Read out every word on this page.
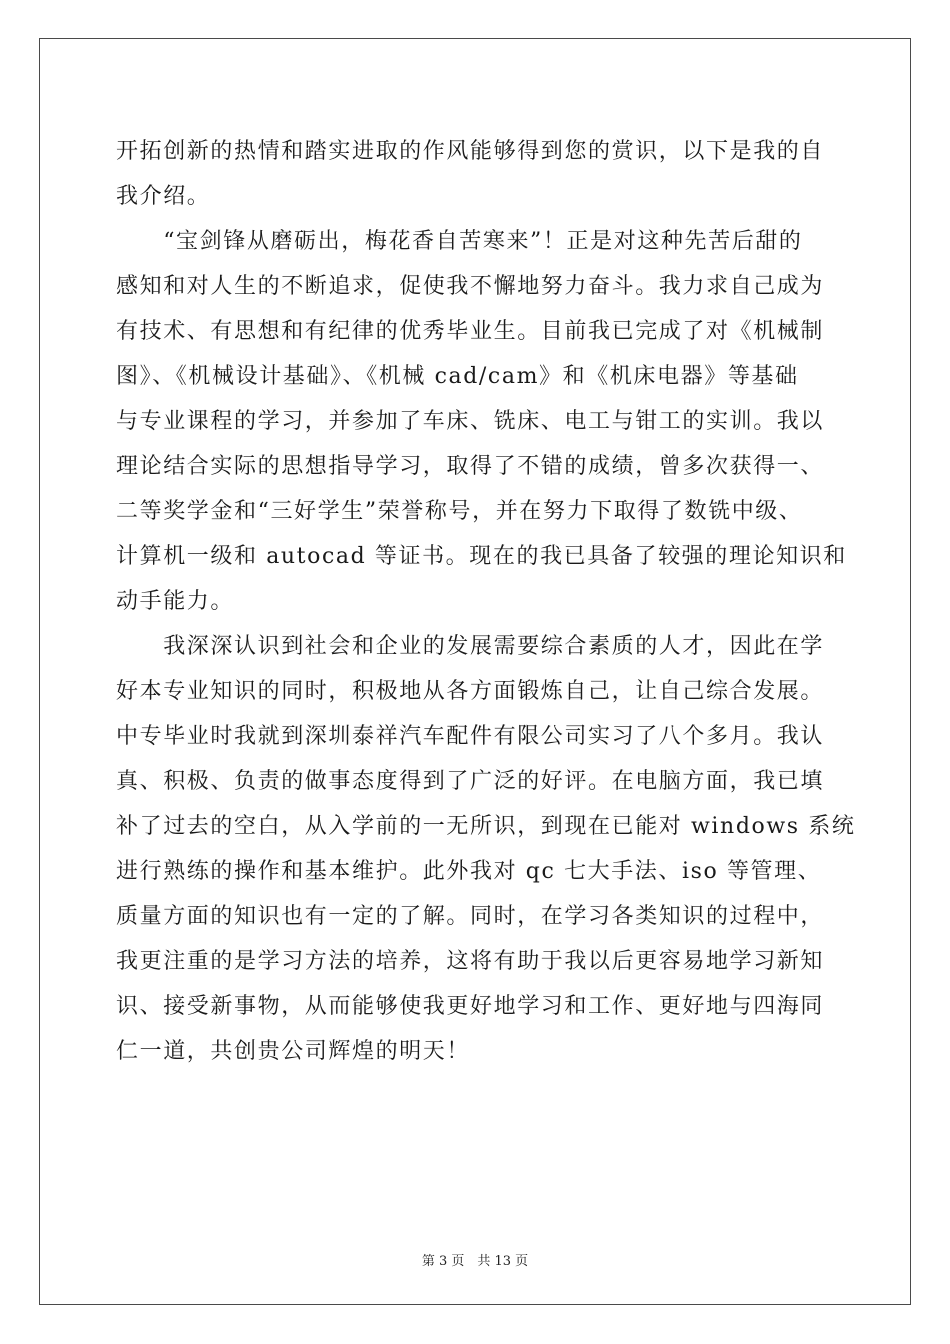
开拓创新的热情和踏实进取的作风能够得到您的赏识，以下是我的自
我介绍。
　　“宝剑锋从磨砺出，梅花香自苦寒来”！正是对这种先苦后甜的
感知和对人生的不断追求，促使我不懈地努力奋斗。我力求自己成为
有技术、有思想和有纪律的优秀毕业生。目前我已完成了对《机械制
图》、《机械设计基础》、《机械 cad/cam》和《机床电器》等基础
与专业课程的学习，并参加了车床、铣床、电工与钳工的实训。我以
理论结合实际的思想指导学习，取得了不错的成绩，曾多次获得一、
二等奖学金和“三好学生”荣誉称号，并在努力下取得了数铣中级、
计算机一级和 autocad 等证书。现在的我已具备了较强的理论知识和
动手能力。
　　我深深认识到社会和企业的发展需要综合素质的人才，因此在学
好本专业知识的同时，积极地从各方面锻炼自己，让自己综合发展。
中专毕业时我就到深圳泰祥汽车配件有限公司实习了八个多月。我认
真、积极、负责的做事态度得到了广泛的好评。在电脑方面，我已填
补了过去的空白，从入学前的一无所识，到现在已能对 windows 系统
进行熟练的操作和基本维护。此外我对 qc 七大手法、iso 等管理、
质量方面的知识也有一定的了解。同时，在学习各类知识的过程中，
我更注重的是学习方法的培养，这将有助于我以后更容易地学习新知
识、接受新事物，从而能够使我更好地学习和工作、更好地与四海同
仁一道，共创贵公司辉煌的明天！
第 3 页　共 13 页
